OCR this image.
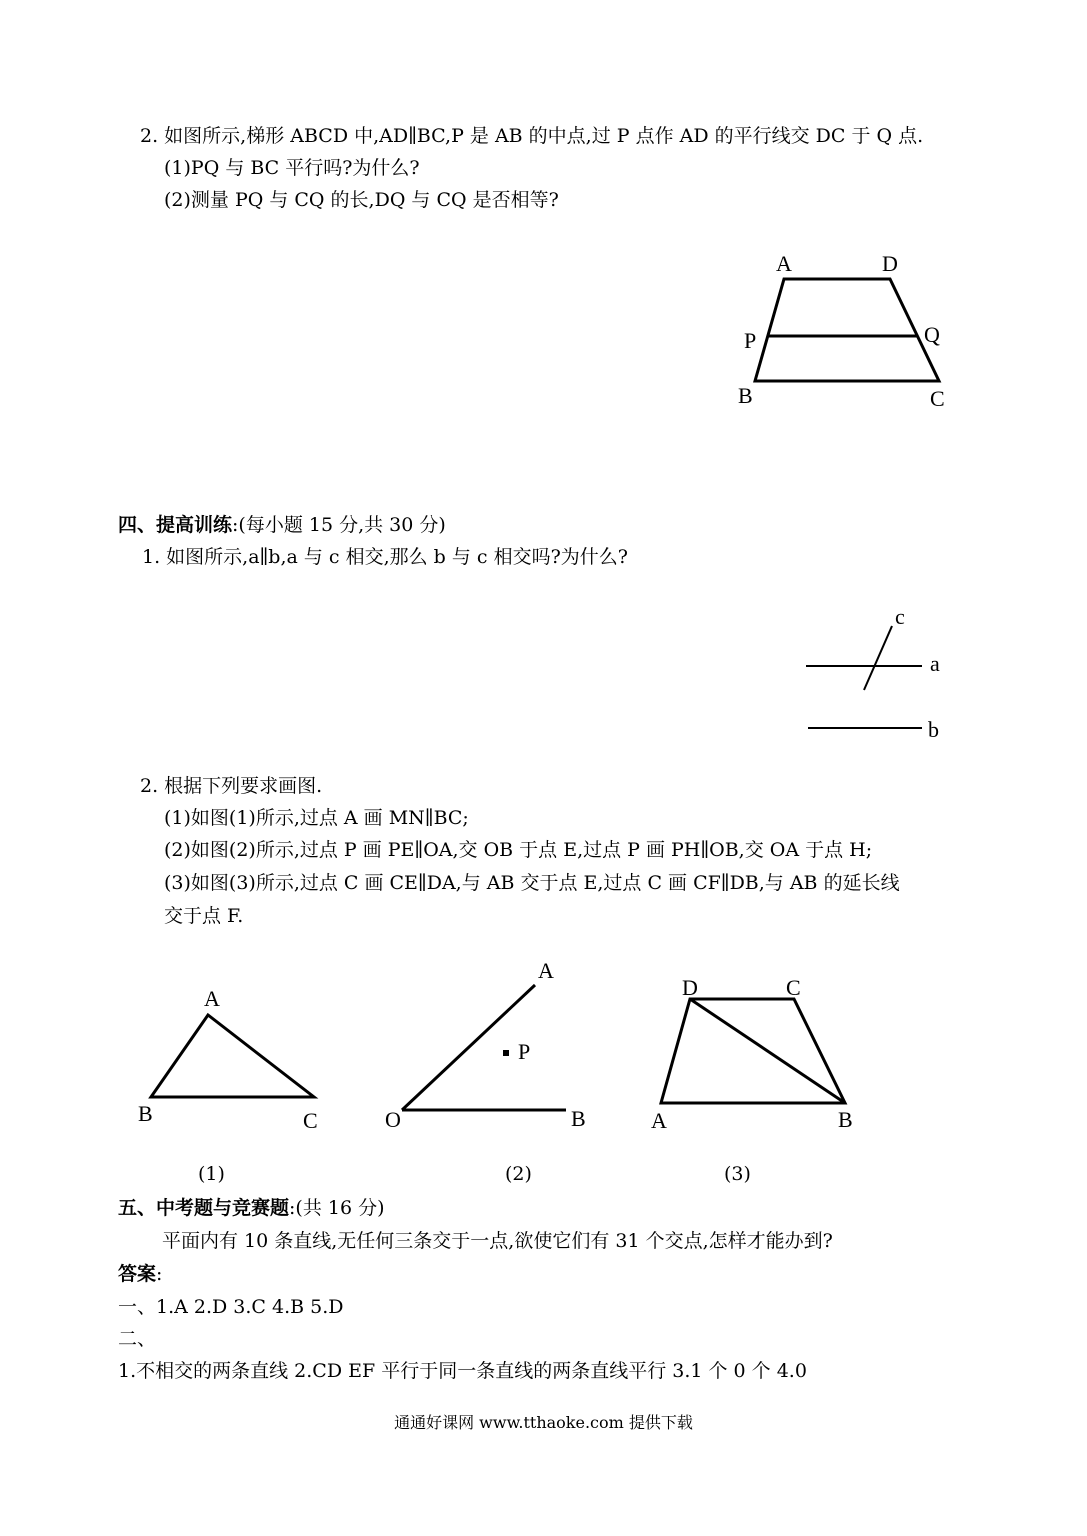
2. 如图所示,梯形 ABCD 中,AD∥BC,P 是 AB 的中点,过 P 点作 AD 的平行线交 DC 于 Q 点.
(1)PQ 与 BC 平行吗?为什么?
(2)测量 PQ 与 CQ 的长,DQ 与 CQ 是否相等?
A	D
P	Q
B	C
c
a
b
A
B	C
A
P
O	B
D	C
A	B
四、提高训练:(每小题 15 分,共 30 分)
1. 如图所示,a∥b,a 与 c 相交,那么 b 与 c 相交吗?为什么?
2. 根据下列要求画图.
(1)如图(1)所示,过点 A 画 MN∥BC;
(2)如图(2)所示,过点 P 画 PE∥OA,交 OB 于点 E,过点 P 画 PH∥OB,交 OA 于点 H;
(3)如图(3)所示,过点 C 画 CE∥DA,与 AB 交于点 E,过点 C 画 CF∥DB,与 AB 的延长线
交于点 F.
(1)	(2)	(3)
五、中考题与竞赛题:(共 16 分)
平面内有 10 条直线,无任何三条交于一点,欲使它们有 31 个交点,怎样才能办到?
答案:
一、1.A 2.D 3.C 4.B 5.D
二、
1.不相交的两条直线 2.CD EF 平行于同一条直线的两条直线平行 3.1 个 0 个 4.0
通通好课网 www.tthaoke.com 提供下载
